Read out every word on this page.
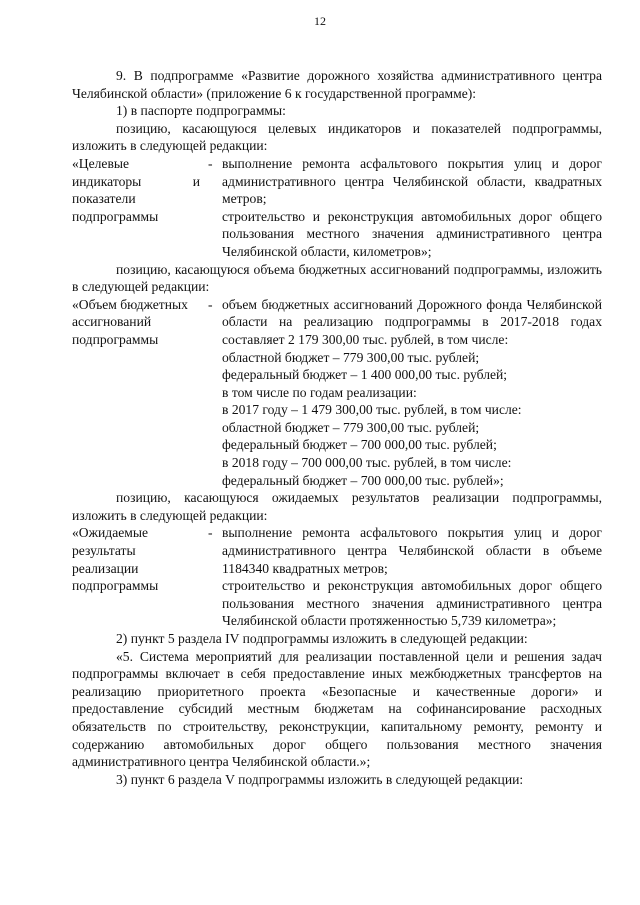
12

9. В подпрограмме «Развитие дорожного хозяйства административного центра Челябинской области» (приложение 6 к государственной программе):

1) в паспорте подпрограммы:

позицию, касающуюся целевых индикаторов и показателей подпрограммы, изложить в следующей редакции:

«Целевые
индикаторы	и
показатели
подпрограммы
- выполнение ремонта асфальтового покрытия улиц и дорог административного центра Челябинской области, квадратных метров;
строительство и реконструкция автомобильных дорог общего пользования местного значения административного центра Челябинской области, километров»;

позицию, касающуюся объема бюджетных ассигнований подпрограммы, изложить в следующей редакции:

«Объем бюджетных
ассигнований
подпрограммы
- объем бюджетных ассигнований Дорожного фонда Челябинской области на реализацию подпрограммы в 2017-2018 годах составляет 2 179 300,00 тыс. рублей, в том числе:
областной бюджет – 779 300,00 тыс. рублей;
федеральный бюджет – 1 400 000,00 тыс. рублей;
в том числе по годам реализации:
в 2017 году – 1 479 300,00 тыс. рублей, в том числе:
областной бюджет – 779 300,00 тыс. рублей;
федеральный бюджет – 700 000,00 тыс. рублей;
в 2018 году – 700 000,00 тыс. рублей, в том числе:
федеральный бюджет – 700 000,00 тыс. рублей»;

позицию, касающуюся ожидаемых результатов реализации подпрограммы, изложить в следующей редакции:

«Ожидаемые
результаты
реализации
подпрограммы
- выполнение ремонта асфальтового покрытия улиц и дорог административного центра Челябинской области в объеме 1184340 квадратных метров;
строительство и реконструкция автомобильных дорог общего пользования местного значения административного центра Челябинской области протяженностью 5,739 километра»;

2) пункт 5 раздела IV подпрограммы изложить в следующей редакции:

«5. Система мероприятий для реализации поставленной цели и решения задач подпрограммы включает в себя предоставление иных межбюджетных трансфертов на реализацию приоритетного проекта «Безопасные и качественные дороги» и предоставление субсидий местным бюджетам на софинансирование расходных обязательств по строительству, реконструкции, капитальному ремонту, ремонту и содержанию автомобильных дорог общего пользования местного значения административного центра Челябинской области.»;

3) пункт 6 раздела V подпрограммы изложить в следующей редакции:
